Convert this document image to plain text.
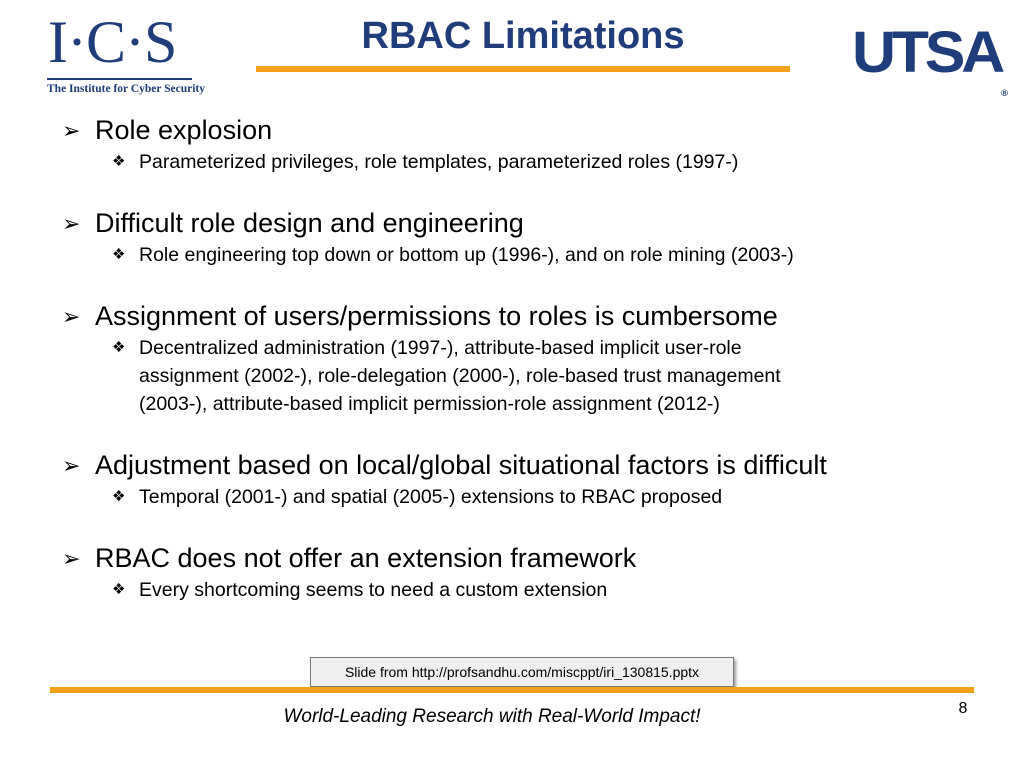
I·C·S
The Institute for Cyber Security
RBAC Limitations	UTSA®
➢ Role explosion
❖ Parameterized privileges, role templates, parameterized roles (1997-)
➢ Difficult role design and engineering
❖ Role engineering top down or bottom up (1996-), and on role mining (2003-)
➢ Assignment of users/permissions to roles is cumbersome
❖ Decentralized administration (1997-), attribute-based implicit user-role
assignment (2002-), role-delegation (2000-), role-based trust management
(2003-), attribute-based implicit permission-role assignment (2012-)
➢ Adjustment based on local/global situational factors is difficult
❖ Temporal (2001-) and spatial (2005-) extensions to RBAC proposed
➢ RBAC does not offer an extension framework
❖ Every shortcoming seems to need a custom extension
Slide from http://profsandhu.com/miscppt/iri_130815.pptx
World-Leading Research with Real-World Impact!	8
